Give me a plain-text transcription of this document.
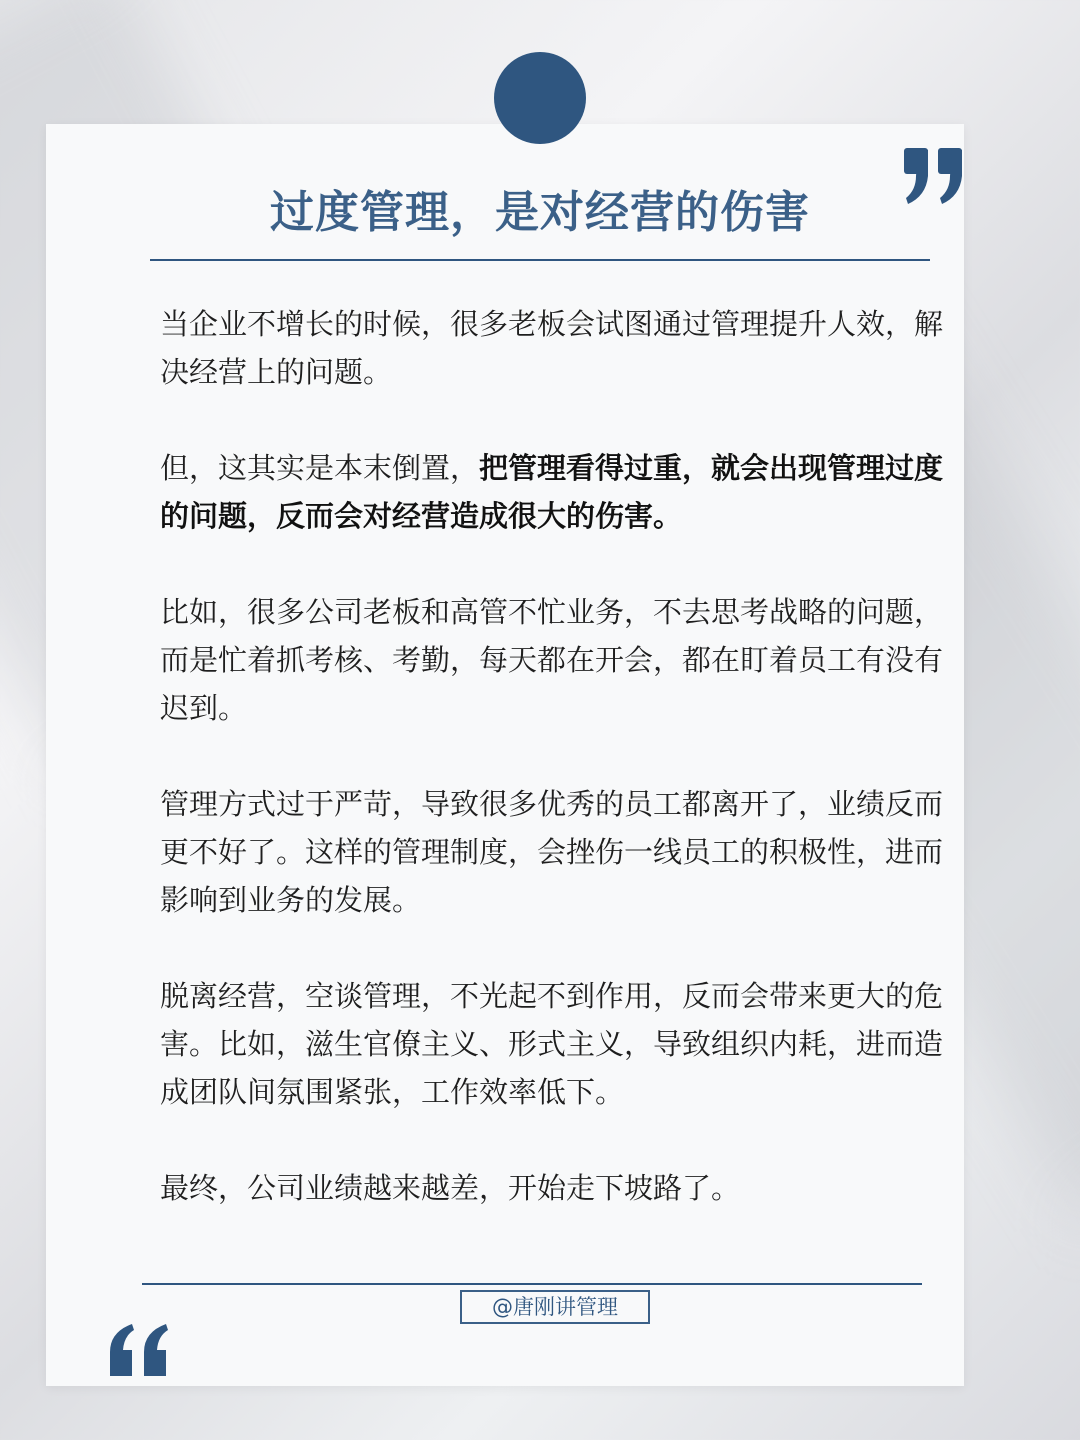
过度管理，是对经营的伤害

当企业不增长的时候，很多老板会试图通过管理提升人效，解决经营上的问题。

但，这其实是本末倒置，把管理看得过重，就会出现管理过度的问题，反而会对经营造成很大的伤害。

比如，很多公司老板和高管不忙业务，不去思考战略的问题，而是忙着抓考核、考勤，每天都在开会，都在盯着员工有没有迟到。

管理方式过于严苛，导致很多优秀的员工都离开了，业绩反而更不好了。这样的管理制度，会挫伤一线员工的积极性，进而影响到业务的发展。

脱离经营，空谈管理，不光起不到作用，反而会带来更大的危害。比如，滋生官僚主义、形式主义，导致组织内耗，进而造成团队间氛围紧张，工作效率低下。

最终，公司业绩越来越差，开始走下坡路了。

@唐刚讲管理
